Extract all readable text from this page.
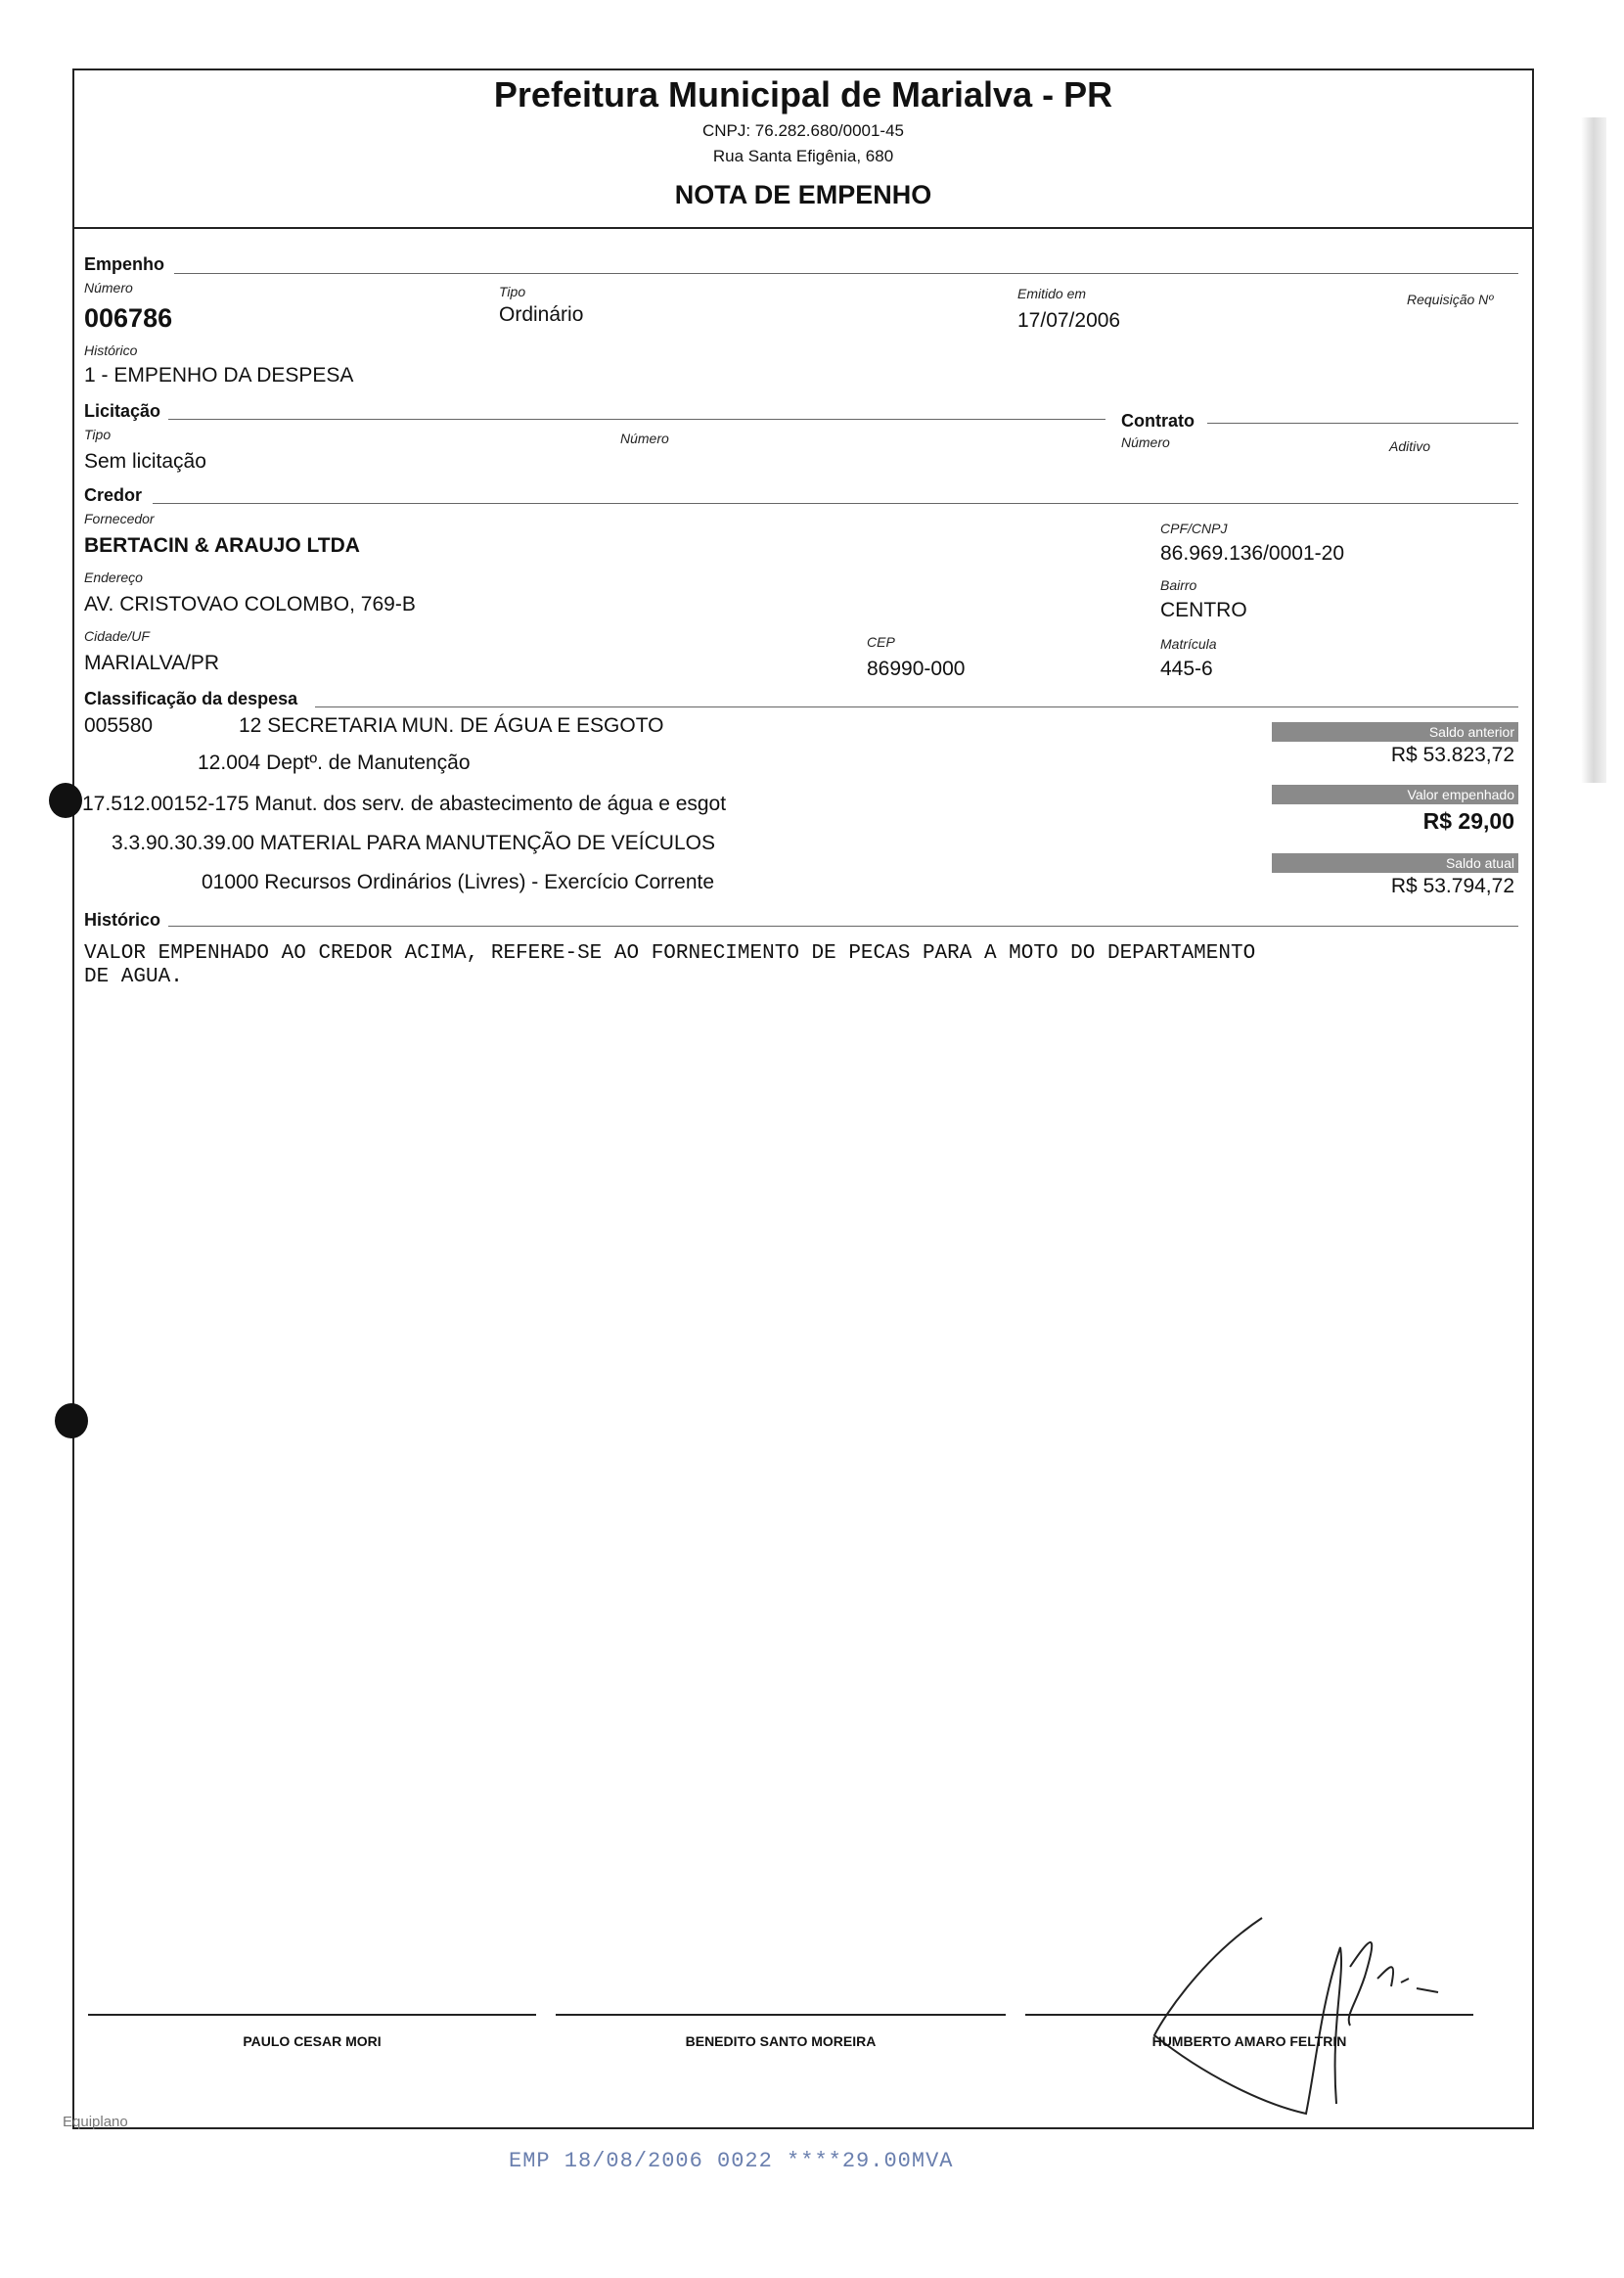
Prefeitura Municipal de Marialva - PR
CNPJ: 76.282.680/0001-45
Rua Santa Efigênia, 680
NOTA DE EMPENHO
Empenho
Número
006786
Tipo
Ordinário
Emitido em
17/07/2006
Requisição Nº
Histórico
1 - EMPENHO DA DESPESA
Licitação
Tipo
Sem licitação
Número
Contrato
Número	Aditivo
Credor
Fornecedor
BERTACIN & ARAUJO LTDA
CPF/CNPJ
86.969.136/0001-20
Endereço
AV. CRISTOVAO COLOMBO, 769-B
Bairro
CENTRO
Cidade/UF
MARIALVA/PR
CEP
86990-000
Matrícula
445-6
Classificação da despesa
005580	12 SECRETARIA MUN. DE ÁGUA E ESGOTO
12.004 Deptº. de Manutenção
17.512.00152-175 Manut. dos serv. de abastecimento de água e esgot
3.3.90.30.39.00 MATERIAL PARA MANUTENÇÃO DE VEÍCULOS
01000 Recursos Ordinários (Livres) - Exercício Corrente
Saldo anterior
R$ 53.823,72
Valor empenhado
R$ 29,00
Saldo atual
R$ 53.794,72
Histórico
VALOR EMPENHADO AO CREDOR ACIMA, REFERE-SE AO FORNECIMENTO DE PECAS PARA A MOTO DO DEPARTAMENTO
DE AGUA.
PAULO CESAR MORI	BENEDITO SANTO MOREIRA	HUMBERTO AMARO FELTRIN
Equiplano
EMP 18/08/2006 0022 ****29.00MVA
